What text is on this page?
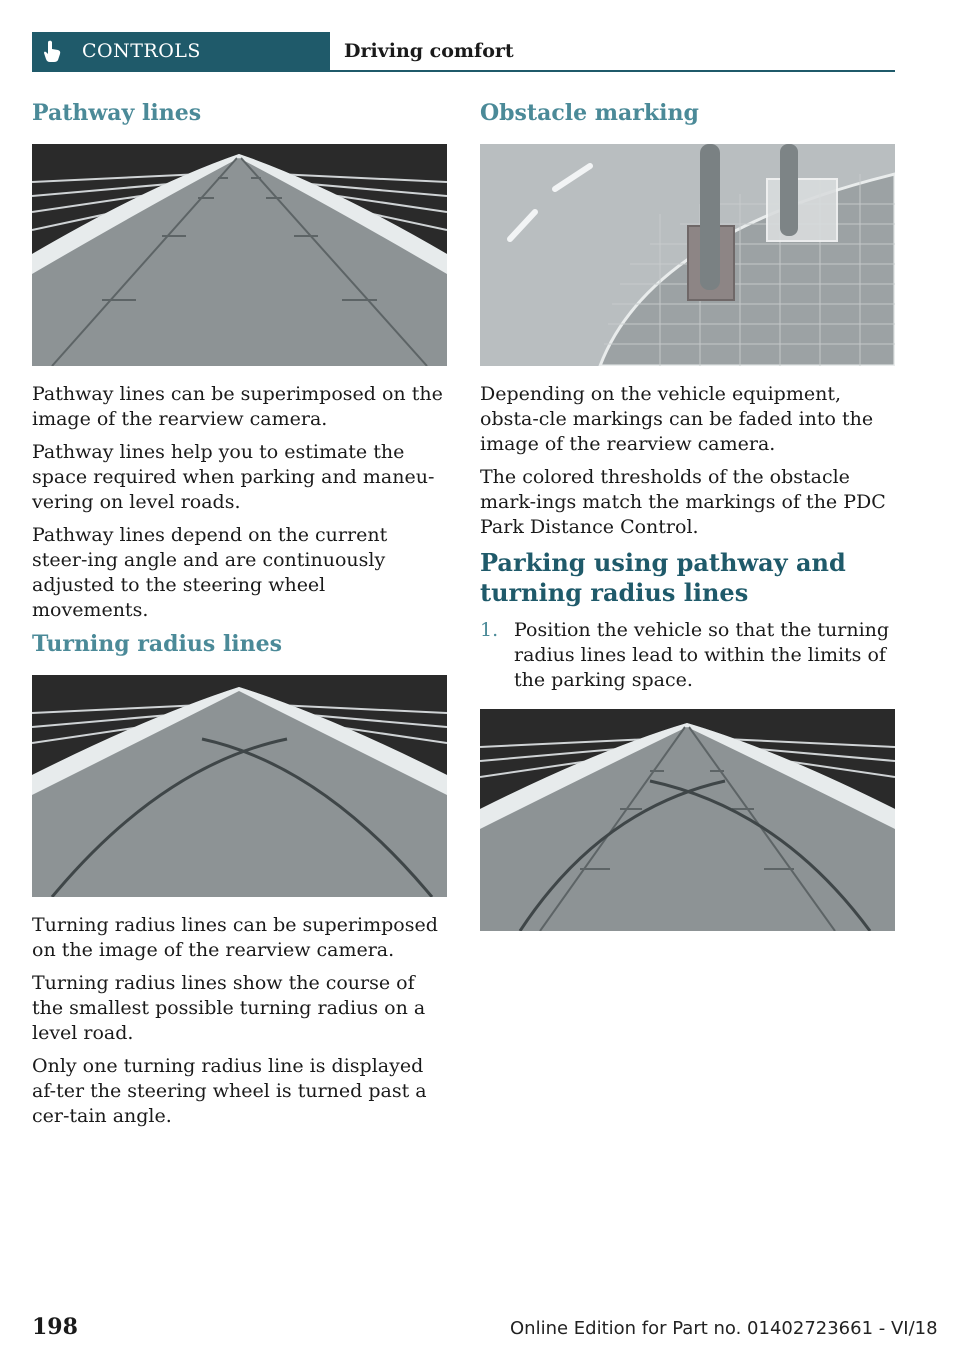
CONTROLS	Driving comfort
Pathway lines

Pathway lines can be superimposed on the image of the rearview camera.

Pathway lines help you to estimate the space required when parking and maneu-vering on level roads.

Pathway lines depend on the current steer-ing angle and are continuously adjusted to the steering wheel movements.

Turning radius lines

Turning radius lines can be superimposed on the image of the rearview camera.

Turning radius lines show the course of the smallest possible turning radius on a level road.

Only one turning radius line is displayed af-ter the steering wheel is turned past a cer-tain angle.

Obstacle marking

Depending on the vehicle equipment, obsta-cle markings can be faded into the image of the rearview camera.

The colored thresholds of the obstacle mark-ings match the markings of the PDC Park Distance Control.

Parking using pathway and turning radius lines
1. Position the vehicle so that the turning radius lines lead to within the limits of the parking space.
198	Online Edition for Part no. 01402723661 - VI/18
